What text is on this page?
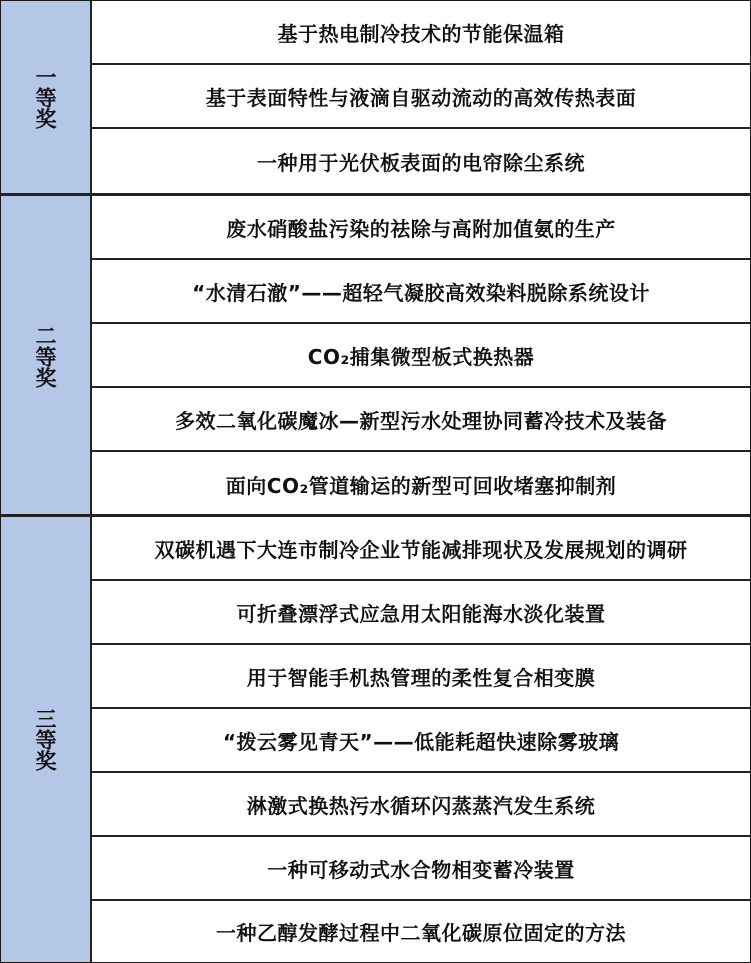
一等奖
基于热电制冷技术的节能保温箱
基于表面特性与液滴自驱动流动的高效传热表面
一种用于光伏板表面的电帘除尘系统
二等奖
废水硝酸盐污染的祛除与高附加值氨的生产
“水清石澈”——超轻气凝胶高效染料脱除系统设计
CO₂捕集微型板式换热器
多效二氧化碳魔冰—新型污水处理协同蓄冷技术及装备
面向CO₂管道输运的新型可回收堵塞抑制剂
三等奖
双碳机遇下大连市制冷企业节能减排现状及发展规划的调研
可折叠漂浮式应急用太阳能海水淡化装置
用于智能手机热管理的柔性复合相变膜
“拨云雾见青天”——低能耗超快速除雾玻璃
淋激式换热污水循环闪蒸蒸汽发生系统
一种可移动式水合物相变蓄冷装置
一种乙醇发酵过程中二氧化碳原位固定的方法
